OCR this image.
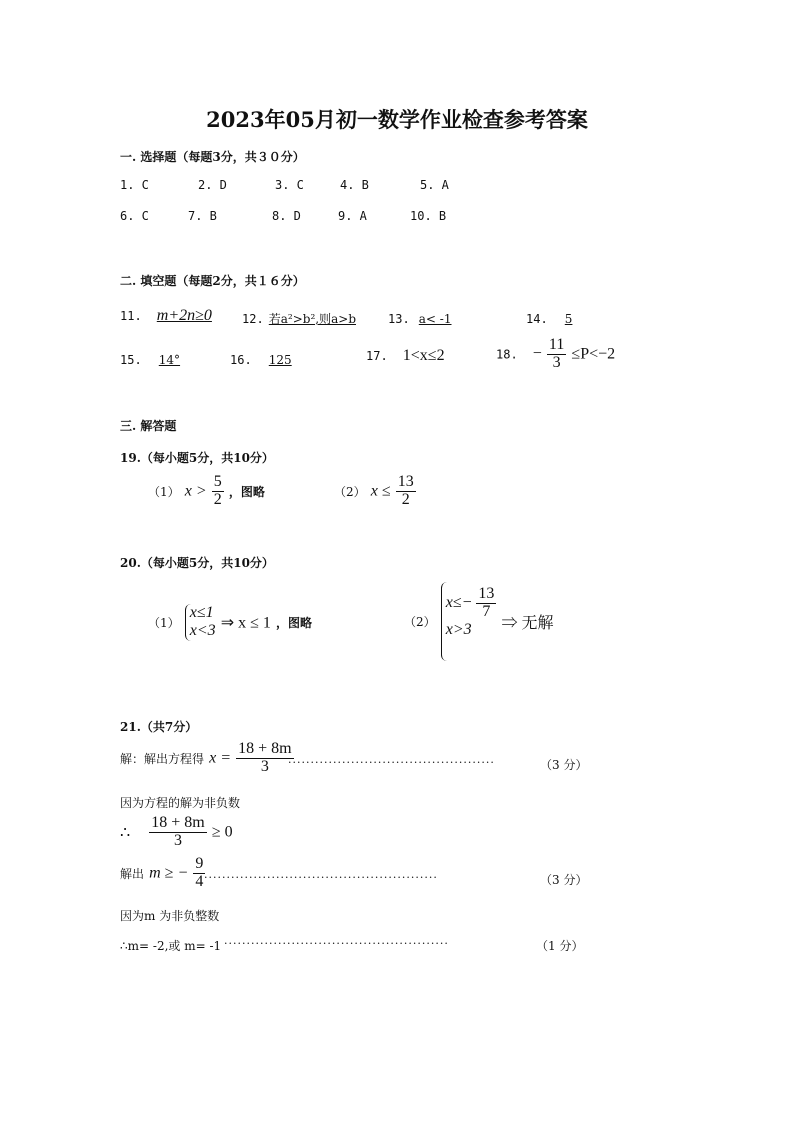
2023年05月初一数学作业检查参考答案
一. 选择题（每题3分，共３０分）
1. C	2. D	3. C	4. B	5. A
6. C	7. B	8. D	9. A	10. B
二. 填空题（每题2分，共１６分）
11. m+2n≥0	12. 若a²>b²,则a>b	13. a< -1	14. 5
15. 14°	16. 125	17. 1<x≤2	18. − $\frac{11}{3} \le P<-2$
三. 解答题
19.（每小题5分，共10分）
（1） $x > \frac{5}{2}$ ，图略	（2） $x \le \frac{13}{2}$
20.（每小题5分，共10分）
（1）
x≤1
x<3 ⇒ x ≤ 1 ，图略	（2）
$x\le- \frac{13}{7}$
x>3	⇒ 无解
21.（共7分）
解：解出方程得 $x = \frac{18 + 8m}{3}$
··············································	（3 分）
因为方程的解为非负数
∴ $\frac{18 + 8m}{3} \ge 0$
解出 m ≥ − $\frac{9}{4}$
····················································	（3 分）
因为m 为非负整数
∴m= -2,或 m= -1 ··················································	（1 分）
